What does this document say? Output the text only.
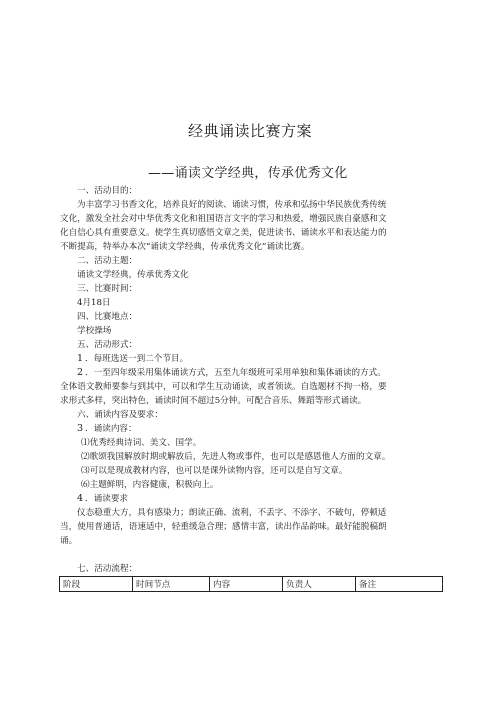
经典诵读比赛方案
——诵读文学经典，传承优秀文化
一、活动目的：
为丰富学习书香文化，培养良好的阅读、诵读习惯，传承和弘扬中华民族优秀传统
文化，激发全社会对中华优秀文化和祖国语言文字的学习和热爱，增强民族自豪感和文
化自信心具有重要意义。使学生真切感悟文章之美，促进读书、诵读水平和表达能力的
不断提高，特举办本次“诵读文学经典，传承优秀文化”诵读比赛。
二、活动主题：
诵读文学经典，传承优秀文化
三、比赛时间：
4月18日
四、比赛地点：
学校操场
五、活动形式：
1 ．每班选送一到二个节目。
2 ．一至四年级采用集体诵读方式，五至九年级班可采用单独和集体诵读的方式。
全体语文教师要参与到其中，可以和学生互动诵读，或者领读。自选题材不拘一格，要
求形式多样，突出特色，诵读时间不超过5分钟。可配合音乐、舞蹈等形式诵读。
六、诵读内容及要求：
3 ．诵读内容：
⑴优秀经典诗词、美文、国学。
⑵歌颂我国解放时期或解放后，先进人物或事件，也可以是感恩他人方面的文章。
⑶可以是现成教材内容，也可以是课外读物内容，还可以是自写文章。
⑹主题鲜明，内容健康，积极向上。
4 ．诵读要求
仪态稳重大方，具有感染力；朗读正确、流利，不丢字、不添字、不破句，停顿适
当，使用普通话，语速适中，轻重缓急合理；感情丰富，读出作品韵味。最好能脱稿朗
诵。
七、活动流程：
阶段	时间节点	内容	负责人	备注
